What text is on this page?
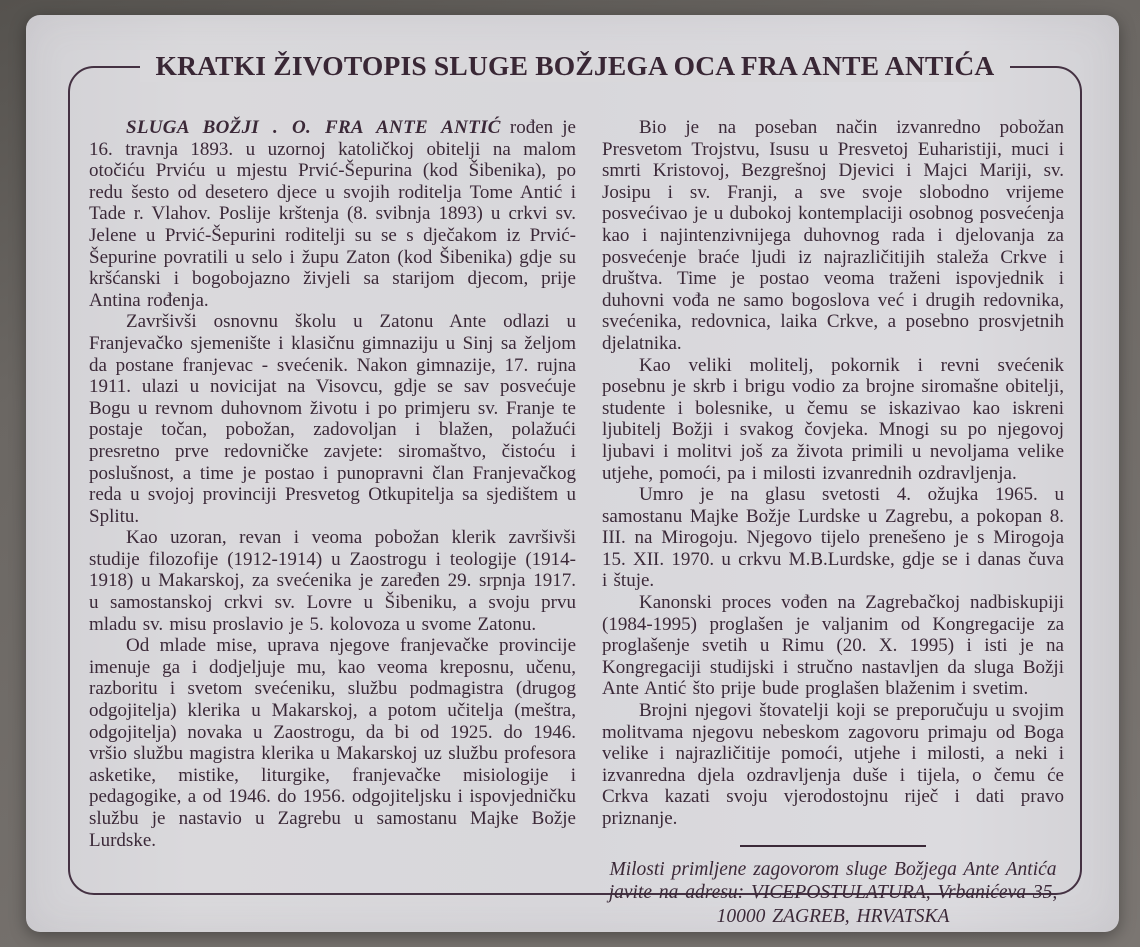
KRATKI ŽIVOTOPIS SLUGE BOŽJEGA OCA FRA ANTE ANTIĆA

SLUGA BOŽJI . O. FRA ANTE ANTIĆ rođen je 16. travnja 1893. u uzornoj katoličkoj obitelji na malom otočiću Prviću u mjestu Prvić-Šepurina (kod Šibenika), po redu šesto od desetero djece u svojih roditelja Tome Antić i Tade r. Vlahov. Poslije krštenja (8. svibnja 1893) u crkvi sv. Jelene u Prvić-Šepurini roditelji su se s dječakom iz Prvić-Šepurine povratili u selo i župu Zaton (kod Šibenika) gdje su kršćanski i bogobojazno živjeli sa starijom djecom, prije Antina rođenja.

Završivši osnovnu školu u Zatonu Ante odlazi u Franjevačko sjemenište i klasičnu gimnaziju u Sinj sa željom da postane franjevac - svećenik. Nakon gimnazije, 17. rujna 1911. ulazi u novicijat na Visovcu, gdje se sav posvećuje Bogu u revnom duhovnom životu i po primjeru sv. Franje te postaje točan, pobožan, zadovoljan i blažen, polažući presretno prve redovničke zavjete: siromaštvo, čistoću i poslušnost, a time je postao i punopravni član Franjevačkog reda u svojoj provinciji Presvetog Otkupitelja sa sjedištem u Splitu.

Kao uzoran, revan i veoma pobožan klerik završivši studije filozofije (1912-1914) u Zaostrogu i teologije (1914-1918) u Makarskoj, za svećenika je zaređen 29. srpnja 1917. u samostanskoj crkvi sv. Lovre u Šibeniku, a svoju prvu mladu sv. misu proslavio je 5. kolovoza u svome Zatonu.

Od mlade mise, uprava njegove franjevačke provincije imenuje ga i dodjeljuje mu, kao veoma kreposnu, učenu, razboritu i svetom svećeniku, službu podmagistra (drugog odgojitelja) klerika u Makarskoj, a potom učitelja (meštra, odgojitelja) novaka u Zaostrogu, da bi od 1925. do 1946. vršio službu magistra klerika u Makarskoj uz službu profesora asketike, mistike, liturgike, franjevačke misiologije i pedagogike, a od 1946. do 1956. odgojiteljsku i ispovjedničku službu je nastavio u Zagrebu u samostanu Majke Božje Lurdske.

Bio je na poseban način izvanredno pobožan Presvetom Trojstvu, Isusu u Presvetoj Euharistiji, muci i smrti Kristovoj, Bezgrešnoj Djevici i Majci Mariji, sv. Josipu i sv. Franji, a sve svoje slobodno vrijeme posvećivao je u dubokoj kontemplaciji osobnog posvećenja kao i najintenzivnijega duhovnog rada i djelovanja za posvećenje braće ljudi iz najrazličitijih staleža Crkve i društva. Time je postao veoma traženi ispovjednik i duhovni vođa ne samo bogoslova već i drugih redovnika, svećenika, redovnica, laika Crkve, a posebno prosvjetnih djelatnika.

Kao veliki molitelj, pokornik i revni svećenik posebnu je skrb i brigu vodio za brojne siromašne obitelji, studente i bolesnike, u čemu se iskazivao kao iskreni ljubitelj Božji i svakog čovjeka. Mnogi su po njegovoj ljubavi i molitvi još za života primili u nevoljama velike utjehe, pomoći, pa i milosti izvanrednih ozdravljenja.

Umro je na glasu svetosti 4. ožujka 1965. u samostanu Majke Božje Lurdske u Zagrebu, a pokopan 8. III. na Mirogoju. Njegovo tijelo prenešeno je s Mirogoja 15. XII. 1970. u crkvu M.B.Lurdske, gdje se i danas čuva i štuje.

Kanonski proces vođen na Zagrebačkoj nadbiskupiji (1984-1995) proglašen je valjanim od Kongregacije za proglašenje svetih u Rimu (20. X. 1995) i isti je na Kongregaciji studijski i stručno nastavljen da sluga Božji Ante Antić što prije bude proglašen blaženim i svetim.

Brojni njegovi štovatelji koji se preporučuju u svojim molitvama njegovu nebeskom zagovoru primaju od Boga velike i najrazličitije pomoći, utjehe i milosti, a neki i izvanredna djela ozdravljenja duše i tijela, o čemu će Crkva kazati svoju vjerodostojnu riječ i dati pravo priznanje.

Milosti primljene zagovorom sluge Božjega Ante Antića
javite na adresu: VICEPOSTULATURA, Vrbanićeva 35,
10000 ZAGREB, HRVATSKA
